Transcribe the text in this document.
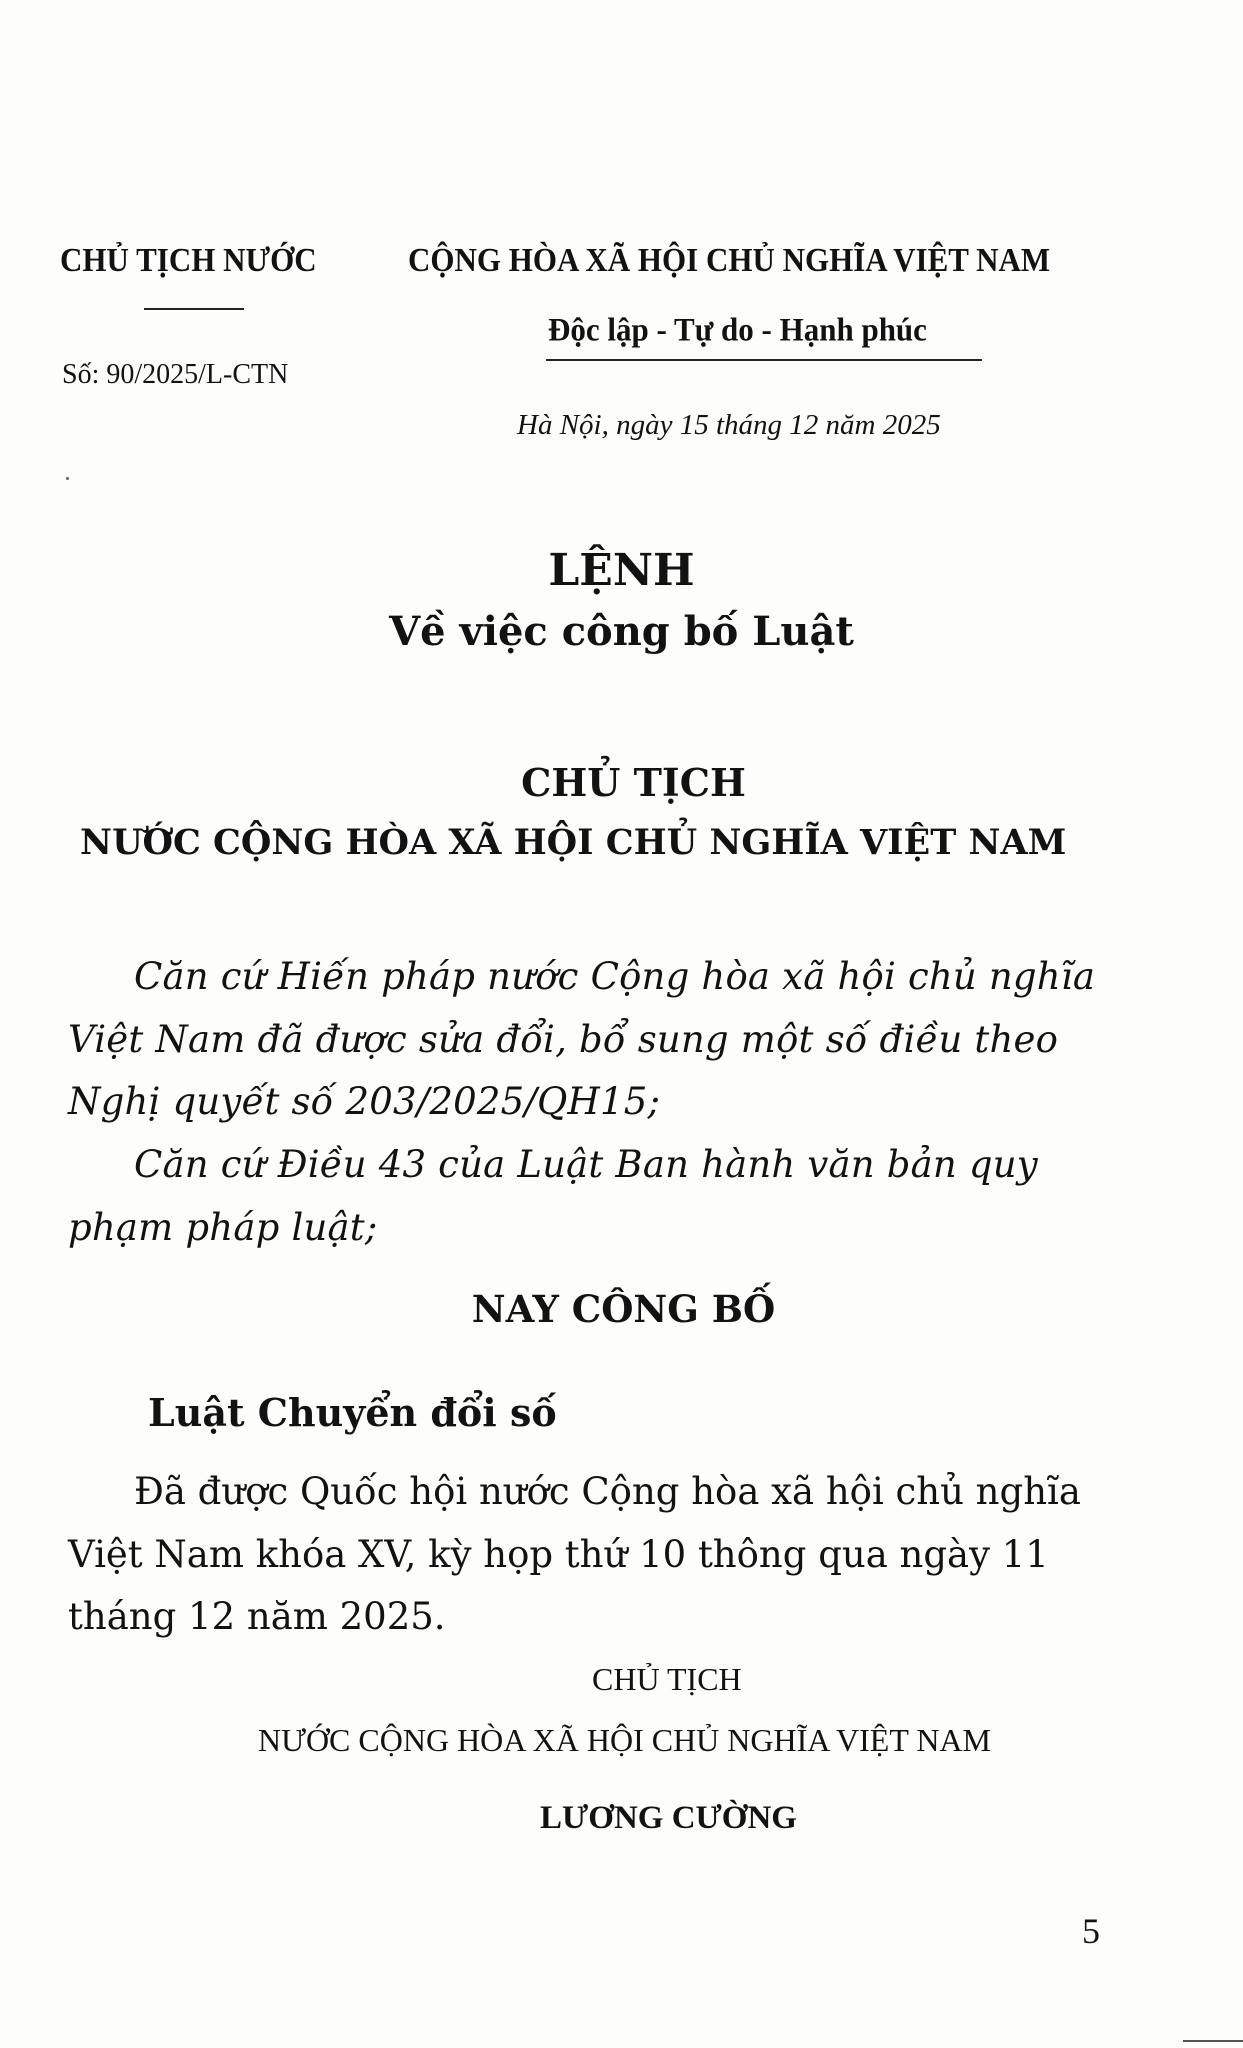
CHỦ TỊCH NƯỚC
Số: 90/2025/L-CTN
CỘNG HÒA XÃ HỘI CHỦ NGHĨA VIỆT NAM
Độc lập - Tự do - Hạnh phúc
Hà Nội, ngày 15 tháng 12 năm 2025
LỆNH
Về việc công bố Luật
CHỦ TỊCH
NƯỚC CỘNG HÒA XÃ HỘI CHỦ NGHĨA VIỆT NAM
Căn cứ Hiến pháp nước Cộng hòa xã hội chủ nghĩa
Việt Nam đã được sửa đổi, bổ sung một số điều theo
Nghị quyết số 203/2025/QH15;
Căn cứ Điều 43 của Luật Ban hành văn bản quy
phạm pháp luật;
NAY CÔNG BỐ
Luật Chuyển đổi số
Đã được Quốc hội nước Cộng hòa xã hội chủ nghĩa
Việt Nam khóa XV, kỳ họp thứ 10 thông qua ngày 11
tháng 12 năm 2025.
CHỦ TỊCH
NƯỚC CỘNG HÒA XÃ HỘI CHỦ NGHĨA VIỆT NAM
LƯƠNG CƯỜNG
5
